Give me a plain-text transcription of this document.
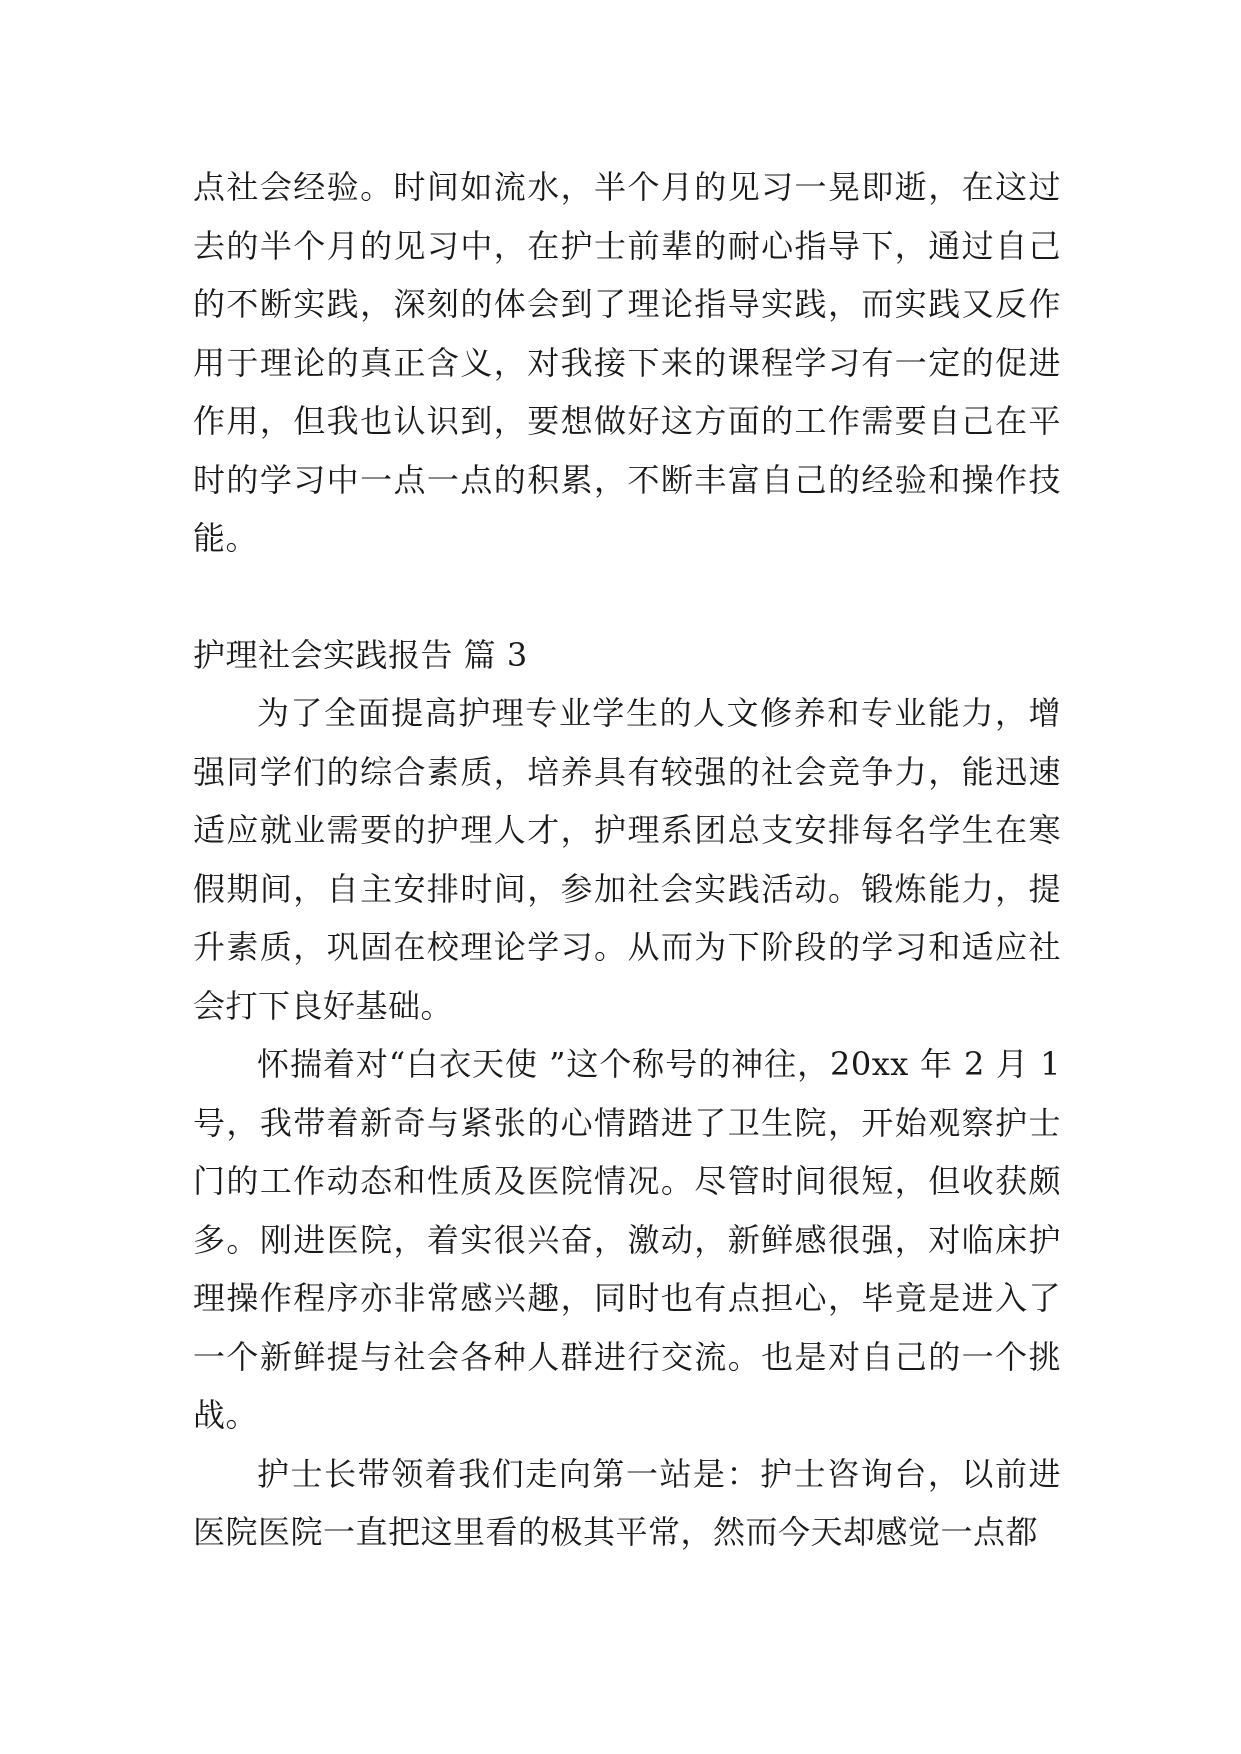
点社会经验。时间如流水，半个月的见习一晃即逝，在这过去的半个月的见习中，在护士前辈的耐心指导下，通过自己的不断实践，深刻的体会到了理论指导实践，而实践又反作用于理论的真正含义，对我接下来的课程学习有一定的促进作用，但我也认识到，要想做好这方面的工作需要自己在平时的学习中一点一点的积累，不断丰富自己的经验和操作技能。

护理社会实践报告 篇 3

为了全面提高护理专业学生的人文修养和专业能力，增强同学们的综合素质，培养具有较强的社会竞争力，能迅速适应就业需要的护理人才，护理系团总支安排每名学生在寒假期间，自主安排时间，参加社会实践活动。锻炼能力，提升素质，巩固在校理论学习。从而为下阶段的学习和适应社会打下良好基础。

怀揣着对“白衣天使 ”这个称号的神往，20xx 年 2 月 1 号，我带着新奇与紧张的心情踏进了卫生院，开始观察护士门的工作动态和性质及医院情况。尽管时间很短，但收获颇多。刚进医院，着实很兴奋，激动，新鲜感很强，对临床护理操作程序亦非常感兴趣，同时也有点担心，毕竟是进入了一个新鲜提与社会各种人群进行交流。也是对自己的一个挑战。

护士长带领着我们走向第一站是：护士咨询台，以前进医院医院一直把这里看的极其平常，然而今天却感觉一点都
